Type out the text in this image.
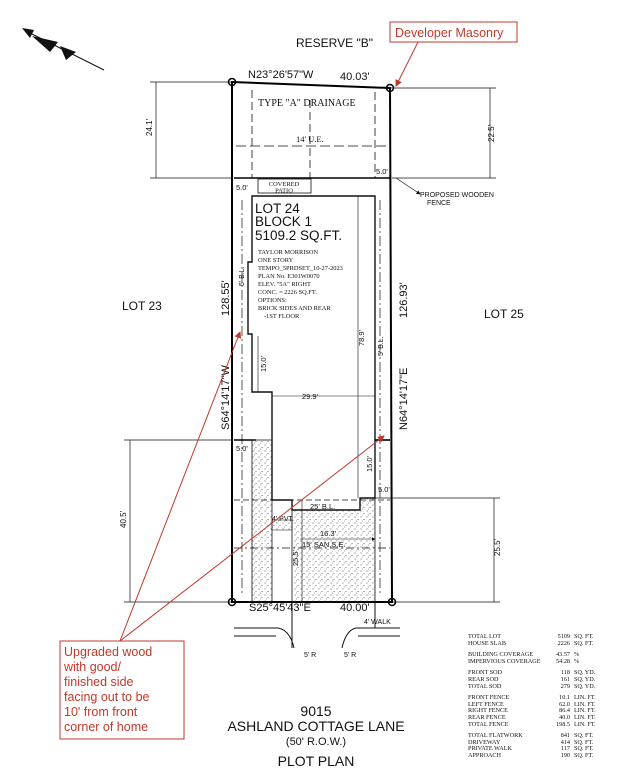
RESERVE "B"
Developer Masonry
N23°26'57"W 40.03'
S25°45'43"E	40.00'
S64°14'17"W
128.55'
N64°14'17"E
126.93'
TYPE "A" DRAINAGE
14' U.E.
COVERED
PATIO
PROPOSED WOODEN
FENCE
5.0'
5.0'
LOT 24
BLOCK 1
5109.2 SQ.FT.
TAYLOR MORRISON
ONE STORY
TEMPO_5PRDSET_10-27-2023
PLAN No. E301W0070
ELEV. "5A" RIGHT
CONC. = 2226 SQ.FT.
OPTIONS:
BRICK SIDES AND REAR
-1ST FLOOR
LOT 23
LOT 25
5' B.L.
5' B.L.
15.0'
29.9'
78.9'
5.0'
15.0'
5.0'
25' B.L.
4' PVT.
16.3'
15' SAN.S.E.
25.5'
24.1'	22.5'
40.5'
25.5'
4' WALK
5' R	5' R
Upgraded wood
with good/
finished side
facing out to be
10' from front
corner of home
9015
ASHLAND COTTAGE LANE
(50' R.O.W.)
PLOT PLAN
TOTAL LOT	5109 SQ. FT.
HOUSE SLAB	2226 SQ. FT.
BUILDING COVERAGE	43.57 %
IMPERVIOUS COVERAGE	54.28 %
FRONT SOD	118 SQ. YD.
REAR SOD	161 SQ. YD.
TOTAL SOD	279 SQ. YD.
FRONT FENCE	10.1 LIN. FT.
LEFT FENCE	62.0 LIN. FT.
RIGHT FENCE	86.4 LIN. FT.
REAR FENCE	40.0 LIN. FT.
TOTAL FENCE	198.5 LIN. FT.
TOTAL FLATWORK	841 SQ. FT.
DRIVEWAY	414 SQ. FT.
PRIVATE WALK	117 SQ. FT.
APPROACH	190 SQ. FT.
